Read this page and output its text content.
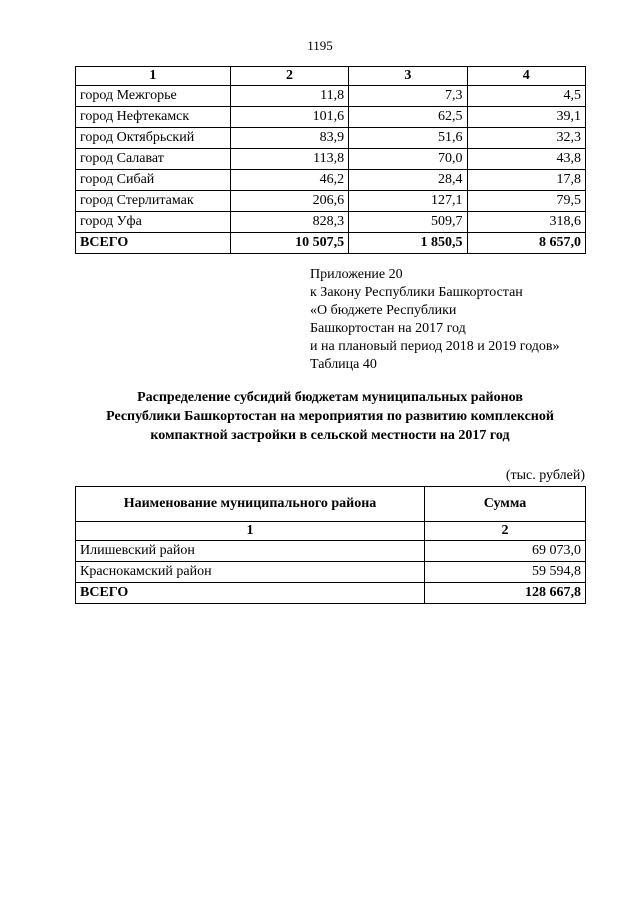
1195
1	2	3	4
город Межгорье	11,8	7,3	4,5
город Нефтекамск	101,6	62,5	39,1
город Октябрьский	83,9	51,6	32,3
город Салават	113,8	70,0	43,8
город Сибай	46,2	28,4	17,8
город Стерлитамак	206,6	127,1	79,5
город Уфа	828,3	509,7	318,6
ВСЕГО	10 507,5	1 850,5	8 657,0
Приложение 20
к Закону Республики Башкортостан
«О бюджете Республики
Башкортостан на 2017 год
и на плановый период 2018 и 2019 годов»
Таблица 40
Распределение субсидий бюджетам муниципальных районов
Республики Башкортостан на мероприятия по развитию комплексной
компактной застройки в сельской местности на 2017 год
(тыс. рублей)
Наименование муниципального района	Сумма
1	2
Илишевский район	69 073,0
Краснокамский район	59 594,8
ВСЕГО	128 667,8
